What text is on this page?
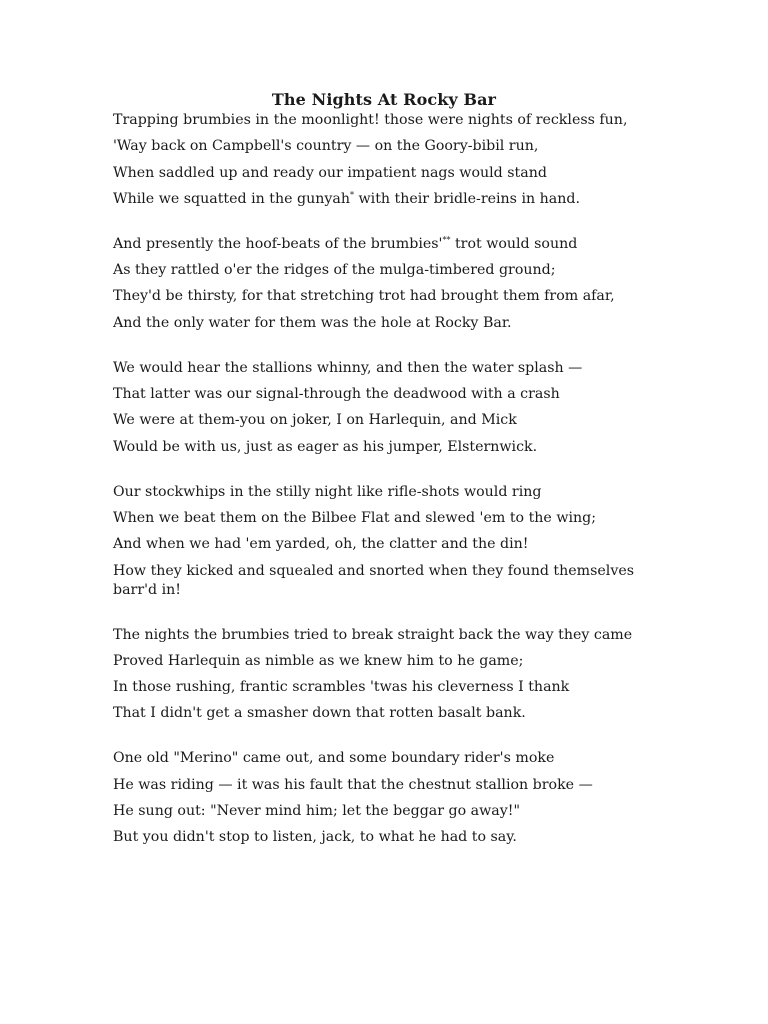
The Nights At Rocky Bar
Trapping brumbies in the moonlight! those were nights of reckless fun,
'Way back on Campbell's country — on the Goory-bibil run,
When saddled up and ready our impatient nags would stand
While we squatted in the gunyah* with their bridle-reins in hand.
And presently the hoof-beats of the brumbies'** trot would sound
As they rattled o'er the ridges of the mulga-timbered ground;
They'd be thirsty, for that stretching trot had brought them from afar,
And the only water for them was the hole at Rocky Bar.
We would hear the stallions whinny, and then the water splash —
That latter was our signal-through the deadwood with a crash
We were at them-you on joker, I on Harlequin, and Mick
Would be with us, just as eager as his jumper, Elsternwick.
Our stockwhips in the stilly night like rifle-shots would ring
When we beat them on the Bilbee Flat and slewed 'em to the wing;
And when we had 'em yarded, oh, the clatter and the din!
How they kicked and squealed and snorted when they found themselves barr'd in!
The nights the brumbies tried to break straight back the way they came
Proved Harlequin as nimble as we knew him to he game;
In those rushing, frantic scrambles 'twas his cleverness I thank
That I didn't get a smasher down that rotten basalt bank.
One old "Merino" came out, and some boundary rider's moke
He was riding — it was his fault that the chestnut stallion broke —
He sung out: "Never mind him; let the beggar go away!"
But you didn't stop to listen, jack, to what he had to say.
